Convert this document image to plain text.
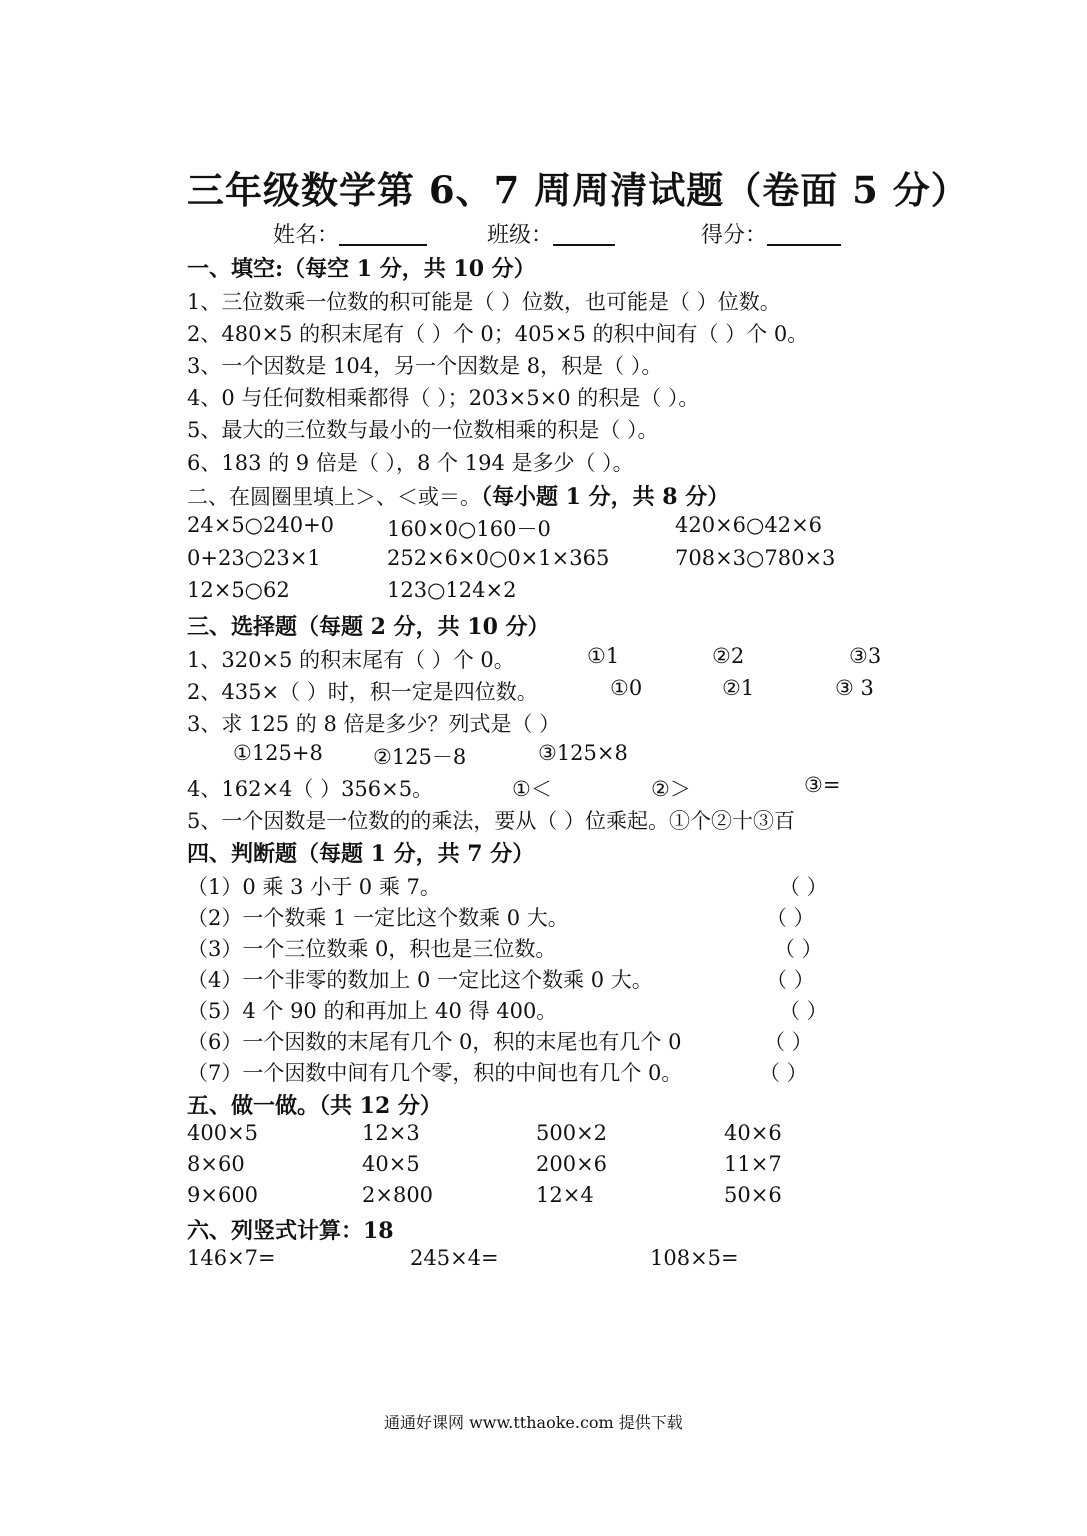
三年级数学第 6、7 周周清试题（卷面 5 分）
姓名：	班级：	得分：
一、填空:（每空 1 分，共 10 分）
1、三位数乘一位数的积可能是（ ）位数，也可能是（ ）位数。
2、480×5 的积末尾有（ ）个 0；405×5 的积中间有（ ）个 0。
3、一个因数是 104，另一个因数是 8，积是（ ）。
4、0 与任何数相乘都得（ ）；203×5×0 的积是（ ）。
5、最大的三位数与最小的一位数相乘的积是（ ）。
6、183 的 9 倍是（ ），8 个 194 是多少（ ）。
二、在圆圈里填上＞、＜或＝。（每小题 1 分，共 8 分）
24×5○240+0	160×0○160－0	420×6○42×6
0+23○23×1	252×6×0○0×1×365	708×3○780×3
12×5○62	123○124×2
三、选择题（每题 2 分，共 10 分）
1、320×5 的积末尾有（ ）个 0。	①1	②2	③3
2、435×（ ）时，积一定是四位数。	①0	②1	③ 3
3、求 125 的 8 倍是多少？列式是（ ）
①125+8 ②125－8	③125×8
4、162×4（ ）356×5。	①＜	②＞	③=
5、一个因数是一位数的的乘法，要从（ ）位乘起。①个②十③百
四、判断题（每题 1 分，共 7 分）
（1）0 乘 3 小于 0 乘 7。	（ ）
（2）一个数乘 1 一定比这个数乘 0 大。	（ ）
（3）一个三位数乘 0，积也是三位数。	（ ）
（4）一个非零的数加上 0 一定比这个数乘 0 大。	（ ）
（5）4 个 90 的和再加上 40 得 400。	（ ）
（6）一个因数的末尾有几个 0，积的末尾也有几个 0	（ ）
（7）一个因数中间有几个零，积的中间也有几个 0。	（ ）
五、做一做。（共 12 分）
400×5	12×3	500×2	40×6
8×60	40×5	200×6	11×7
9×600	2×800	12×4	50×6
六、列竖式计算：18
146×7=	245×4=	108×5=
通通好课网 www.tthaoke.com 提供下载
